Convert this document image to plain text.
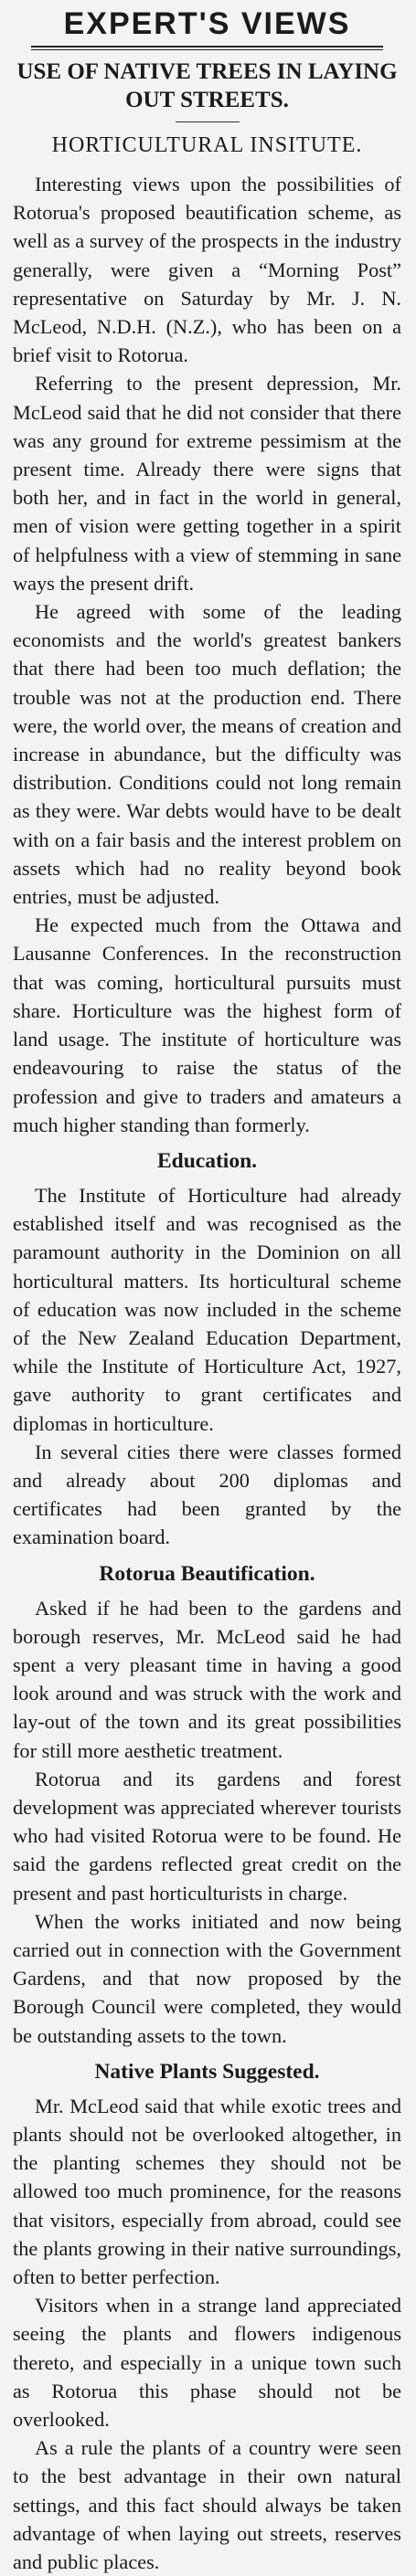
EXPERT'S VIEWS
USE OF NATIVE TREES IN LAYING OUT STREETS.
HORTICULTURAL INSITUTE.

Interesting views upon the possibilities of Rotorua's proposed beautification scheme, as well as a survey of the prospects in the industry generally, were given a “Morning Post” representative on Saturday by Mr. J. N. McLeod, N.D.H. (N.Z.), who has been on a brief visit to Rotorua.

Referring to the present depression, Mr. McLeod said that he did not consider that there was any ground for extreme pessimism at the present time. Already there were signs that both her, and in fact in the world in general, men of vision were getting together in a spirit of helpfulness with a view of stemming in sane ways the present drift.

He agreed with some of the leading economists and the world's greatest bankers that there had been too much deflation; the trouble was not at the production end. There were, the world over, the means of creation and increase in abundance, but the difficulty was distribution. Conditions could not long remain as they were. War debts would have to be dealt with on a fair basis and the interest problem on assets which had no reality beyond book entries, must be adjusted.

He expected much from the Ottawa and Lausanne Conferences. In the reconstruction that was coming, horticultural pursuits must share. Horticulture was the highest form of land usage. The institute of horticulture was endeavouring to raise the status of the profession and give to traders and amateurs a much higher standing than formerly.

Education.

The Institute of Horticulture had already established itself and was recognised as the paramount authority in the Dominion on all horticultural matters. Its horticultural scheme of education was now included in the scheme of the New Zealand Education Department, while the Institute of Horticulture Act, 1927, gave authority to grant certificates and diplomas in horticulture.

In several cities there were classes formed and already about 200 diplomas and certificates had been granted by the examination board.

Rotorua Beautification.

Asked if he had been to the gardens and borough reserves, Mr. McLeod said he had spent a very pleasant time in having a good look around and was struck with the work and lay-out of the town and its great possibilities for still more aesthetic treatment.

Rotorua and its gardens and forest development was appreciated wherever tourists who had visited Rotorua were to be found. He said the gardens reflected great credit on the present and past horticulturists in charge.

When the works initiated and now being carried out in connection with the Government Gardens, and that now proposed by the Borough Council were completed, they would be outstanding assets to the town.

Native Plants Suggested.

Mr. McLeod said that while exotic trees and plants should not be overlooked altogether, in the planting schemes they should not be allowed too much prominence, for the reasons that visitors, especially from abroad, could see the plants growing in their native surroundings, often to better perfection.

Visitors when in a strange land appreciated seeing the plants and flowers indigenous thereto, and especially in a unique town such as Rotorua this phase should not be overlooked.

As a rule the plants of a country were seen to the best advantage in their own natural settings, and this fact should always be taken advantage of when laying out streets, reserves and public places.
